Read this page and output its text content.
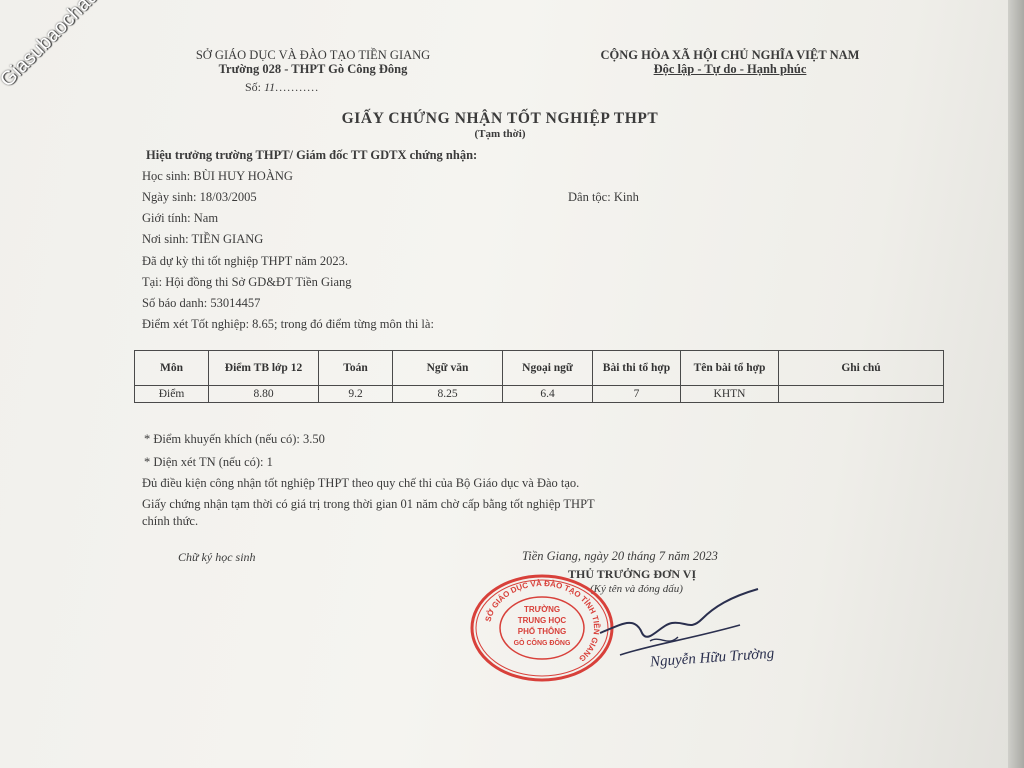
SỞ GIÁO DỤC VÀ ĐÀO TẠO TIỀN GIANG
Trường 028 - THPT Gò Công Đông
Số: 11...........
CỘNG HÒA XÃ HỘI CHỦ NGHĨA VIỆT NAM
Độc lập - Tự do - Hạnh phúc
GIẤY CHỨNG NHẬN TỐT NGHIỆP THPT
(Tạm thời)
Hiệu trưởng trường THPT/ Giám đốc TT GDTX chứng nhận:
Học sinh: BÙI HUY HOÀNG
Ngày sinh: 18/03/2005	Dân tộc: Kinh
Giới tính: Nam
Nơi sinh: TIỀN GIANG
Đã dự kỳ thi tốt nghiệp THPT năm 2023.
Tại: Hội đồng thi Sở GD&ĐT Tiền Giang
Số báo danh: 53014457
Điểm xét Tốt nghiệp: 8.65; trong đó điểm từng môn thi là:
Môn	Điểm TB lớp 12	Toán	Ngữ văn	Ngoại ngữ	Bài thi tổ hợp	Tên bài tổ hợp	Ghi chú
Điểm	8.80	9.2	8.25	6.4	7	KHTN	
* Điểm khuyến khích (nếu có): 3.50
* Diện xét TN (nếu có): 1
Đủ điều kiện công nhận tốt nghiệp THPT theo quy chế thi của Bộ Giáo dục và Đào tạo.
Giấy chứng nhận tạm thời có giá trị trong thời gian 01 năm chờ cấp bằng tốt nghiệp THPT
chính thức.
Chữ ký học sinh	Tiền Giang, ngày 20 tháng 7 năm 2023
THỦ TRƯỞNG ĐƠN VỊ
(Ký tên và đóng dấu)
SỞ GIÁO DỤC VÀ ĐÀO TẠO TỈNH TIỀN GIANG
TRƯỜNG
TRUNG HỌC
PHỔ THÔNG
GÒ CÔNG ĐÔNG
Nguyễn Hữu Trường
